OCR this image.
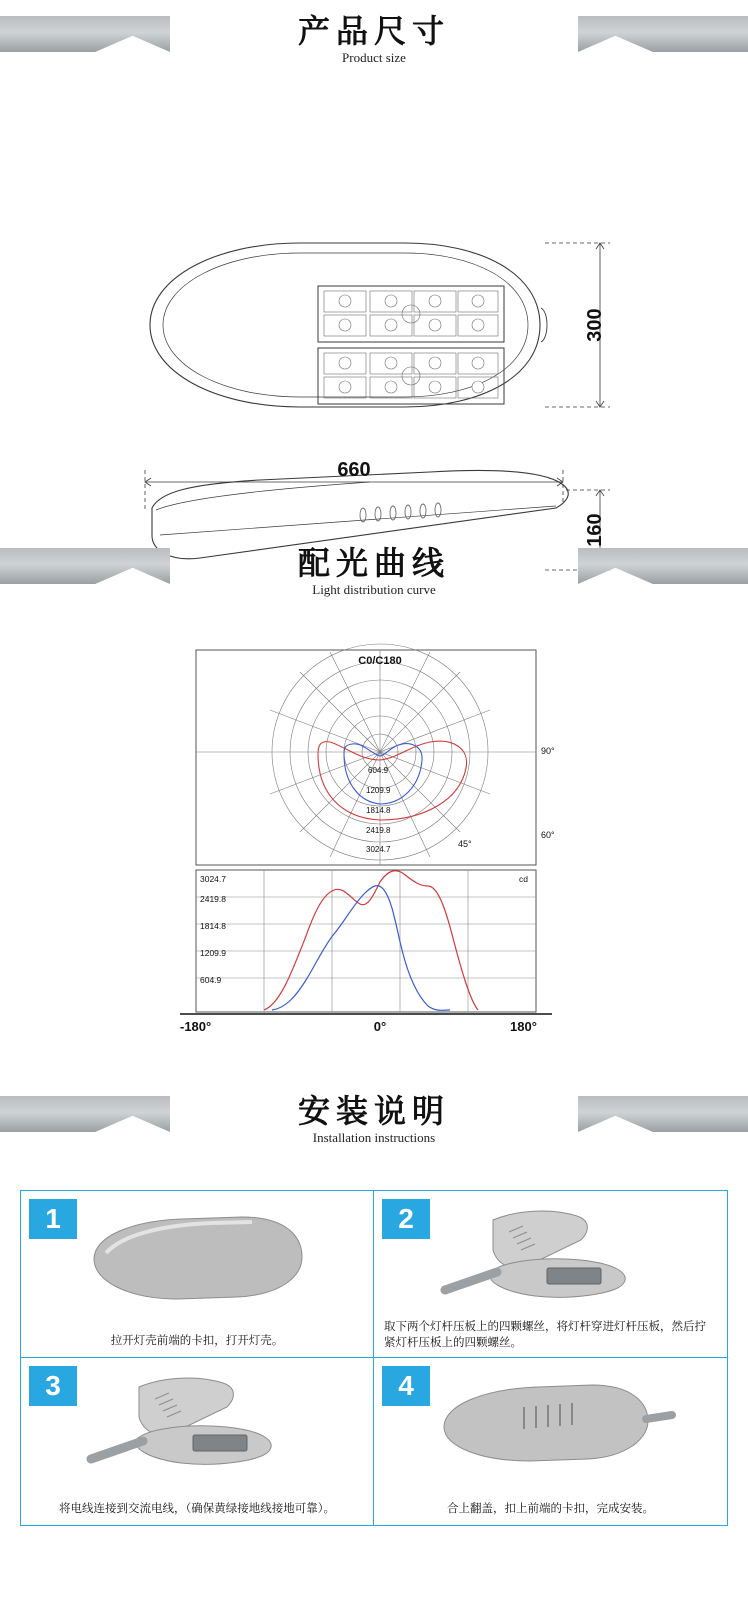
产品尺寸
Product size
300
660
160
配光曲线
Light distribution curve
C0/C180
90°
60°
45°
604.9
1209.9
1814.8
2419.8
3024.7
3024.7
2419.8
1814.8
1209.9
604.9
cd
-180°	0°	180°
安装说明
Installation instructions
1
拉开灯壳前端的卡扣，打开灯壳。
2
取下两个灯杆压板上的四颗螺丝，将灯杆穿进灯杆压板，然后拧紧灯杆压板上的四颗螺丝。
3
将电线连接到交流电线，（确保黄绿接地线接地可靠）。
4
合上翻盖，扣上前端的卡扣，完成安装。
